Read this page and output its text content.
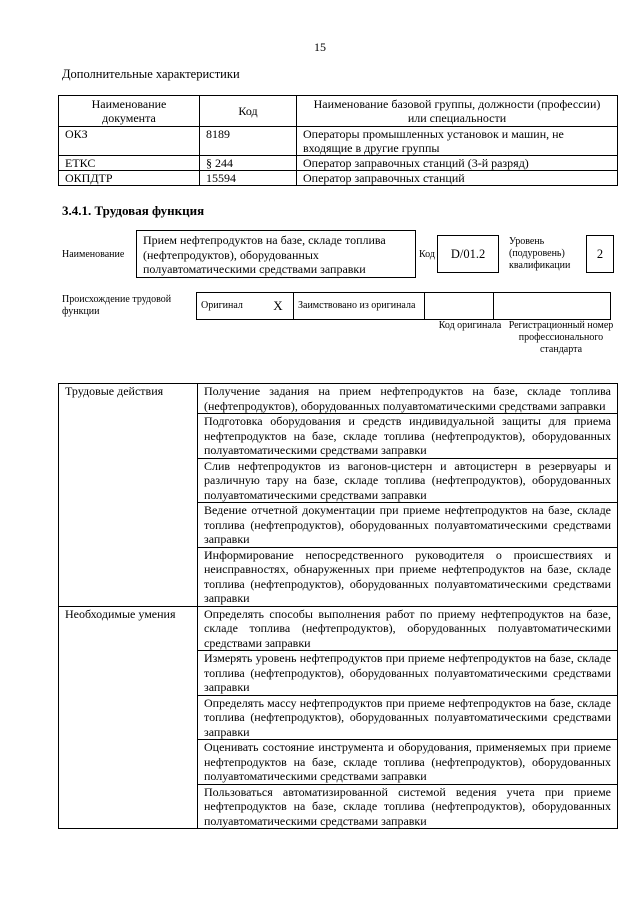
15
Дополнительные характеристики
Наименование документа	Код	Наименование базовой группы, должности (профессии) или специальности
ОКЗ	8189	Операторы промышленных установок и машин, не входящие в другие группы
ЕТКС	§ 244	Оператор заправочных станций (3-й разряд)
ОКПДТР	15594	Оператор заправочных станций
3.4.1. Трудовая функция
Наименование
Прием нефтепродуктов на базе, складе топлива (нефтепродуктов), оборудованных полуавтоматическими средствами заправки
Код	D/01.2
Уровень (подуровень) квалификации
2
Происхождение трудовой функции
Оригинал	X	Заимствовано из оригинала		
Код оригинала Регистрационный номер профессионального стандарта
Трудовые действия	Получение задания на прием нефтепродуктов на базе, складе топлива (нефтепродуктов), оборудованных полуавтоматическими средствами заправки
	Подготовка оборудования и средств индивидуальной защиты для приема нефтепродуктов на базе, складе топлива (нефтепродуктов), оборудованных полуавтоматическими средствами заправки
	Слив нефтепродуктов из вагонов-цистерн и автоцистерн в резервуары и различную тару на базе, складе топлива (нефтепродуктов), оборудованных полуавтоматическими средствами заправки
	Ведение отчетной документации при приеме нефтепродуктов на базе, складе топлива (нефтепродуктов), оборудованных полуавтоматическими средствами заправки
	Информирование непосредственного руководителя о происшествиях и неисправностях, обнаруженных при приеме нефтепродуктов на базе, складе топлива (нефтепродуктов), оборудованных полуавтоматическими средствами заправки
Необходимые умения	Определять способы выполнения работ по приему нефтепродуктов на базе, складе топлива (нефтепродуктов), оборудованных полуавтоматическими средствами заправки
	Измерять уровень нефтепродуктов при приеме нефтепродуктов на базе, складе топлива (нефтепродуктов), оборудованных полуавтоматическими средствами заправки
	Определять массу нефтепродуктов при приеме нефтепродуктов на базе, складе топлива (нефтепродуктов), оборудованных полуавтоматическими средствами заправки
	Оценивать состояние инструмента и оборудования, применяемых при приеме нефтепродуктов на базе, складе топлива (нефтепродуктов), оборудованных полуавтоматическими средствами заправки
	Пользоваться автоматизированной системой ведения учета при приеме нефтепродуктов на базе, складе топлива (нефтепродуктов), оборудованных полуавтоматическими средствами заправки
